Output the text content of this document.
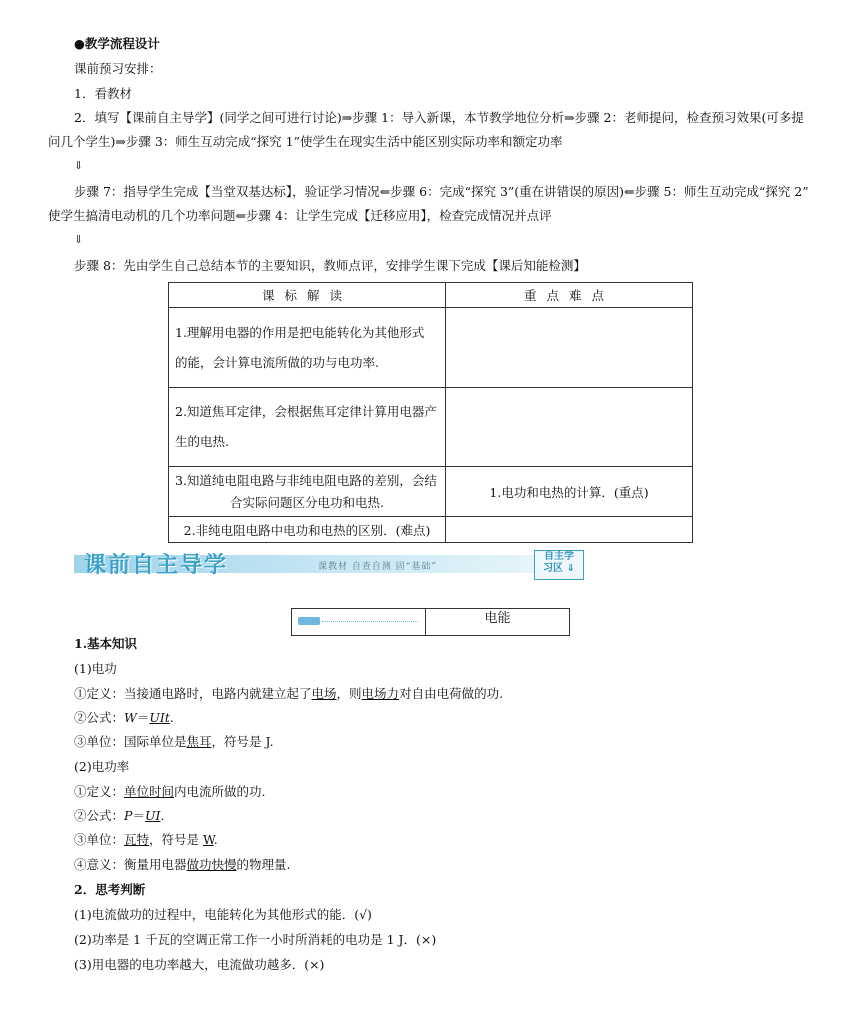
●教学流程设计
课前预习安排：
1．看教材
2．填写【课前自主导学】(同学之间可进行讨论)⇒步骤 1：导入新课，本节教学地位分析⇒步骤 2：老师提问，检查预习效果(可多提
问几个学生)⇒步骤 3：师生互动完成“探究 1”使学生在现实生活中能区别实际功率和额定功率
⇓
步骤 7：指导学生完成【当堂双基达标】，验证学习情况⇐步骤 6：完成“探究 3”(重在讲错误的原因)⇐步骤 5：师生互动完成“探究 2”
使学生搞清电动机的几个功率问题⇐步骤 4：让学生完成【迁移应用】，检查完成情况并点评
⇓
步骤 8：先由学生自己总结本节的主要知识，教师点评，安排学生课下完成【课后知能检测】
课标解读	重点难点

1.理解用电器的作用是把电能转化为其他形式
的能，会计算电流所做的功与电功率.	

2.知道焦耳定律，会根据焦耳定律计算用电器产
生的电热.	

3.知道纯电阻电路与非纯电阻电路的差别，会结
合实际问题区分电功和电热.	1.电功和电热的计算．(重点)
2.非纯电阻电路中电功和电热的区别．(难点)	
课前自主导学	课教材 自查自测 固“基础”
自主学
习区 ⇓
电能
1.基本知识
(1)电功
①定义：当接通电路时，电路内就建立起了电场，则电场力对自由电荷做的功.
②公式：W＝UIt.
③单位：国际单位是焦耳，符号是 J.
(2)电功率
①定义：单位时间内电流所做的功.
②公式：P＝UI.
③单位：瓦特，符号是 W.
④意义：衡量用电器做功快慢的物理量.
2．思考判断
(1)电流做功的过程中，电能转化为其他形式的能．(√)
(2)功率是 1 千瓦的空调正常工作一小时所消耗的电功是 1 J．(×)
(3)用电器的电功率越大，电流做功越多．(×)
